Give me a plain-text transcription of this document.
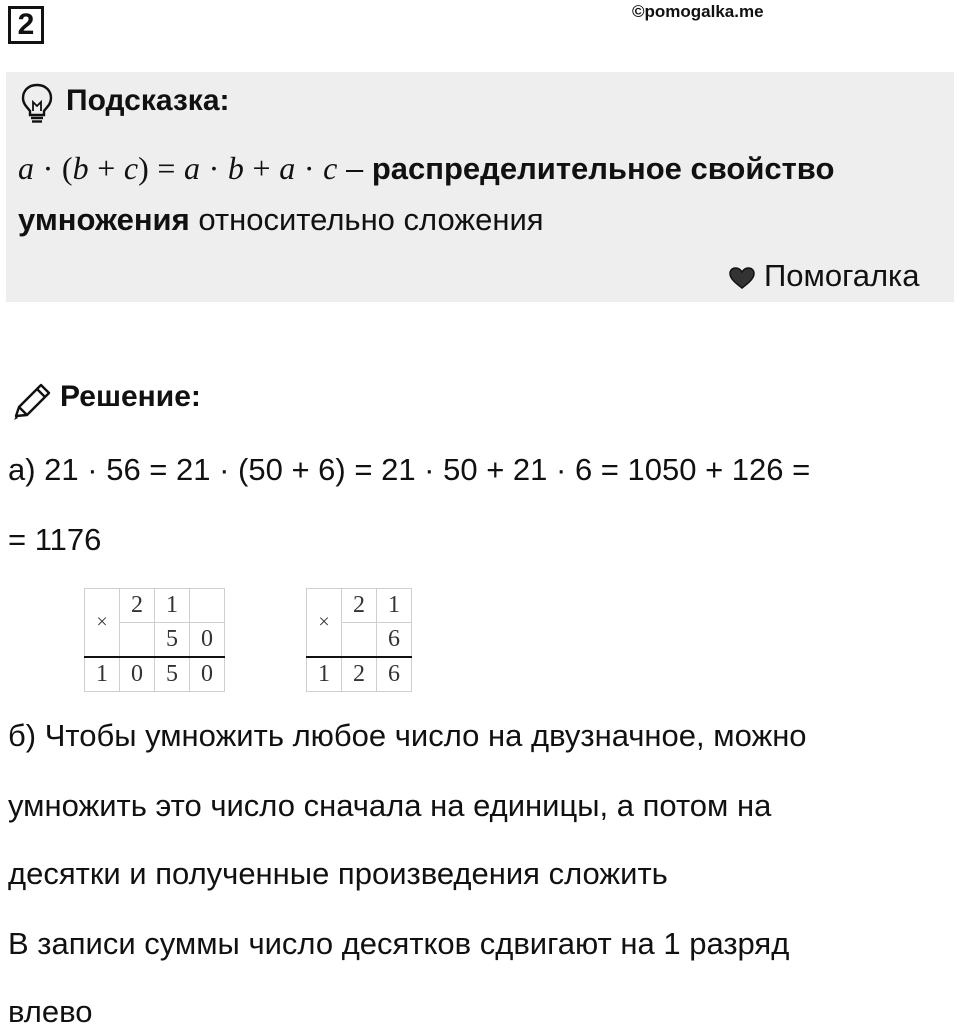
2	©pomogalka.me
Подсказка:
a · (b + c) = a · b + a · c – распределительное свойство
умножения относительно сложения
Помогалка
Решение:
а) 21 · 56 = 21 · (50 + 6) = 21 · 50 + 21 · 6 = 1050 + 126 =
= 1176
×	2	1	
		5	0
1	0	5	0
×	2	1
		6
1	2	6
б) Чтобы умножить любое число на двузначное, можно
умножить это число сначала на единицы, а потом на
десятки и полученные произведения сложить
В записи суммы число десятков сдвигают на 1 разряд
влево
